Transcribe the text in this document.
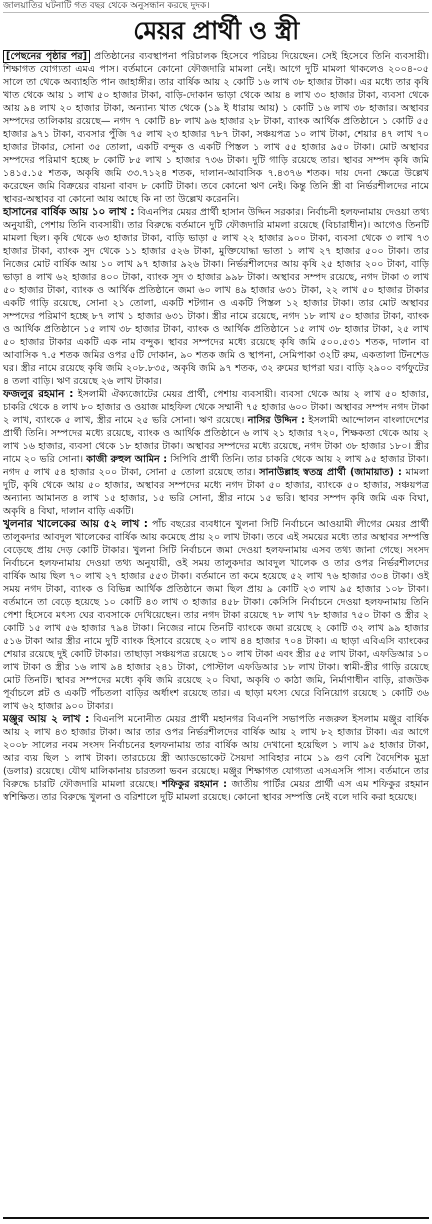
জালয়াতির ঘটনাটি গত বছর থেকে অনুসন্ধান করছে দুদক।
মেয়র প্রার্থী ও স্ত্রী

[পেছনের পৃষ্ঠার পর] প্রতিষ্ঠানের ব্যবস্থাপনা পরিচালক হিসেবে পরিচয় দিয়েছেন। সেই হিসেবে তিনি ব্যবসায়ী। শিক্ষাগত যোগ্যতা এমএ পাস। বর্তমানে কোনো ফৌজদারি মামলা নেই। আগে দুটি মামলা থাকলেও ২০০৪-০৫ সালে তা থেকে অব্যাহতি পান জাহাঙ্গীর। তার বার্ষিক আয় ২ কোটি ১৬ লাখ ৩৮ হাজার টাকা। এর মধ্যে তার কৃষি খাত থেকে আয় ১ লাখ ৫০ হাজার টাকা, বাড়ি-দোকান ভাড়া থেকে আয় ৪ লাখ ৩০ হাজার টাকা, ব্যবসা থেকে আয় ৯৪ লাখ ২০ হাজার টাকা, অন্যান্য খাত থেকে (১৯ ই ধারায় আয়) ১ কোটি ১৬ লাখ ৩৮ হাজার। অস্থাবর সম্পদের তালিকায় রয়েছে— নগদ ৭ কোটি ৪৮ লাখ ৯৬ হাজার ২৮ টাকা, ব্যাংক আর্থিক প্রতিষ্ঠানে ১ কোটি ৫৫ হাজার ৯৭১ টাকা, ব্যবসার পুঁজি ৭৫ লাখ ২৩ হাজার ৭৮৭ টাকা, সঞ্চয়পত্র ১০ লাখ টাকা, শেয়ার ৪৭ লাখ ৭০ হাজার টাকার, সোনা ৩৫ তোলা, একটি বন্দুক ও একটি পিস্তল ১ লাখ ৫৫ হাজার ৯৫০ টাকা। মোট অস্থাবর সম্পদের পরিমাণ হচ্ছে ৮ কোটি ৮৫ লাখ ১ হাজার ৭৩৬ টাকা। দুটি গাড়ি রয়েছে তার। স্থাবর সম্পদ কৃষি জমি ১৪১৫.১৫ শতক, অকৃষি জমি ৩৩.৭১২৪ শতক, দালান-আবাসিক ৭.৪৩৭৬ শতক। দায় দেনা ক্ষেত্রে উল্লেখ করেছেন জমি বিক্রয়ের বায়না বাবদ ৮ কোটি টাকা। তবে কোনো ঋণ নেই। কিন্তু তিনি স্ত্রী বা নির্ভরশীলদের নামে স্থাবর-অস্থাবর বা কোনো আয় আছে কি না তা উল্লেখ করেননি।

হাসানের বার্ষিক আয় ১০ লাখ : বিএনপির মেয়র প্রার্থী হাসান উদ্দিন সরকার। নির্বাচনী হলফনামায় দেওয়া তথ্য অনুযায়ী, পেশায় তিনি ব্যবসায়ী। তার বিরুদ্ধে বর্তমানে দুটি ফৌজদারি মামলা রয়েছে (বিচারাধীন)। আগেও তিনটি মামলা ছিল। কৃষি থেকে ৬৩ হাজার টাকা, বাড়ি ভাড়া ৫ লাখ ২২ হাজার ৯০০ টাকা, ব্যবসা থেকে ৩ লাখ ৭৩ হাজার টাকা, ব্যাংক সুদ থেকে ১১ হাজার ৫২৬ টাকা, মুক্তিযোদ্ধা ভাতা ১ লাখ ২৭ হাজার ৫০০ টাকা। তার নিজের মোট বার্ষিক আয় ১০ লাখ ৯৭ হাজার ৯২৬ টাকা। নির্ভরশীলদের আয় কৃষি ২৫ হাজার ২০০ টাকা, বাড়ি ভাড়া ৪ লাখ ৬২ হাজার ৪০০ টাকা, ব্যাংক সুদ ৩ হাজার ৯৯৮ টাকা। অস্থাবর সম্পদ রয়েছে, নগদ টাকা ৩ লাখ ৫০ হাজার টাকা, ব্যাংক ও আর্থিক প্রতিষ্ঠানে জমা ৬০ লাখ ৪৯ হাজার ৬৩১ টাকা, ২২ লাখ ৫০ হাজার টাকার একটি গাড়ি রয়েছে, সোনা ২১ তোলা, একটি শটগান ও একটি পিস্তল ১২ হাজার টাকা। তার মোট অস্থাবর সম্পদের পরিমাণ হচ্ছে ৮৭ লাখ ১ হাজার ৬৩১ টাকা। স্ত্রীর নামে রয়েছে, নগদ ১৮ লাখ ৫০ হাজার টাকা, ব্যাংক ও আর্থিক প্রতিষ্ঠানে ১৫ লাখ ৩৮ হাজার টাকা, ব্যাংক ও আর্থিক প্রতিষ্ঠানে ১৫ লাখ ৩৮ হাজার টাকা, ২৫ লাখ ৫০ হাজার টাকার একটি এক নাম বন্দুক। স্থাবর সম্পদের মধ্যে রয়েছে কৃষি জমি ৫০০.৫৩১ শতক, দালান বা আবাসিক ৭.৫ শতক জমির ওপর ৫টি দোকান, ৯০ শতক জমি ও স্থাপনা, সেমিপাকা ৩২টি রুম, একতালা টিনশেড ঘর। স্ত্রীর নামে রয়েছে কৃষি জমি ২০৮.৮৩৫, অকৃষি জমি ৯৭ শতক, ৩২ রুমের ছাপরা ঘর। বাড়ি ২৯০০ বর্গফুটের ৪ তলা বাড়ি। ঋণ রয়েছে ২৬ লাখ টাকার।

ফজলুর রহমান : ইসলামী ঐক্যজোটের মেয়র প্রার্থী, পেশায় ব্যবসায়ী। ব্যবসা থেকে আয় ২ লাখ ৫০ হাজার, চাকরি থেকে ৪ লাখ ৮০ হাজার ও ওয়াজ মাহফিল থেকে সম্মানী ৭৫ হাজার ৬০০ টাকা। অস্থাবর সম্পদ নগদ টাকা ২ লাখ, ব্যাংকে ৫ লাখ, স্ত্রীর নামে ২৫ ভরি সোনা। ঋণ রয়েছে। নাসির উদ্দিন : ইসলামী আন্দোলন বাংলাদেশের প্রার্থী তিনি। সম্পদের মধ্যে রয়েছে, ব্যাংক ও আর্থিক প্রতিষ্ঠানে ৬ লাখ ২১ হাজার ৭২০, শিক্ষকতা থেকে আয় ২ লাখ ১৬ হাজার, ব্যবসা থেকে ১৮ হাজার টাকা। অস্থাবর সম্পদের মধ্যে রয়েছে, নগদ টাকা ৩৮ হাজার ১৮০। স্ত্রীর নামে ২০ ভরি সোনা। কাজী রুহুল আমিন : সিপিবি প্রার্থী তিনি। তার চাকরি থেকে আয় ২ লাখ ৯৫ হাজার টাকা। নগদ ৫ লাখ ৫৪ হাজার ২০০ টাকা, সোনা ৫ তোলা রয়েছে তার। সানাউল্লাহ স্বতন্ত্র প্রার্থী (জামায়াত) : মামলা দুটি, কৃষি থেকে আয় ৫০ হাজার, অস্থাবর সম্পদের মধ্যে নগদ টাকা ৫০ হাজার, ব্যাংকে ৫০ হাজার, সঞ্চয়পত্র অন্যান্য আমানত ৪ লাখ ১৫ হাজার, ১৫ ভরি সোনা, স্ত্রীর নামে ১৫ ভরি। স্থাবর সম্পদ কৃষি জমি এক বিঘা, অকৃষি ৪ বিঘা, দালান বাড়ি একটি।

খুলনার খালেকের আয় ৫২ লাখ : পাঁচ বছরের ব্যবধানে খুলনা সিটি নির্বাচনে আওয়ামী লীগের মেয়র প্রার্থী তালুকদার আবদুল খালেকের বার্ষিক আয় কমেছে প্রায় ২০ লাখ টাকা। তবে এই সময়ের মধ্যে তার অস্থাবর সম্পত্তি বেড়েছে প্রায় দেড় কোটি টাকার। খুলনা সিটি নির্বাচনে জমা দেওয়া হলফনামায় এসব তথ্য জানা গেছে। সংসদ নির্বাচনে হলফনামায় দেওয়া তথ্য অনুযায়ী, ওই সময় তালুকদার আবদুল খালেক ও তার ওপর নির্ভরশীলদের বার্ষিক আয় ছিল ৭০ লাখ ২৭ হাজার ৫৫৩ টাকা। বর্তমানে তা কমে হয়েছে ৫২ লাখ ৭৬ হাজার ৩০৪ টাকা। ওই সময় নগদ টাকা, ব্যাংক ও বিভিন্ন আর্থিক প্রতিষ্ঠানে জমা ছিল প্রায় ৯ কোটি ২৩ লাখ ৯৫ হাজার ১০৮ টাকা। বর্তমানে তা বেড়ে হয়েছে ১০ কোটি ৪৩ লাখ ৩ হাজার ৪৫৮ টাকা। কেসিসি নির্বাচনে দেওয়া হলফনামায় তিনি পেশা হিসেবে মৎস্য ঘের ব্যবসাকে দেখিয়েছেন। তার নগদ টাকা রয়েছে ৭৮ লাখ ৭৮ হাজার ৭৫০ টাকা ও স্ত্রীর ২ কোটি ১৫ লাখ ৫৬ হাজার ৭৯৪ টাকা। নিজের নামে তিনটি ব্যাংকে জমা রয়েছে ২ কোটি ৩২ লাখ ৯৯ হাজার ৫১৬ টাকা আর স্ত্রীর নামে দুটি ব্যাংক হিসাবে রয়েছে ২০ লাখ ৪৪ হাজার ৭০৪ টাকা। এ ছাড়া এবিএসি ব্যাংকের শেয়ার রয়েছে দুই কোটি টাকার। তাছাড়া সঞ্চয়পত্র রয়েছে ১০ লাখ টাকা এবং স্ত্রীর ৫৫ লাখ টাকা, এফডিআর ১০ লাখ টাকা ও স্ত্রীর ১৬ লাখ ৯৪ হাজার ২৪১ টাকা, পোস্টাল এফডিআর ১৮ লাখ টাকা। স্বামী-স্ত্রীর গাড়ি রয়েছে মোট তিনটি। স্থাবর সম্পদের মধ্যে কৃষি জমি রয়েছে ২০ বিঘা, অকৃষি ৩ কাঠা জমি, নির্মাণাধীন বাড়ি, রাজউক পূর্বাচলে প্লট ও একটি পাঁচতলা বাড়ির অর্ধাংশ রয়েছে তার। এ ছাড়া মৎস্য ঘেরে বিনিয়োগ রয়েছে ১ কোটি ৩৬ লাখ ৬২ হাজার ৯০০ টাকার।

মঞ্জুর আয় ২ লাখ : বিএনপি মনোনীত মেয়র প্রার্থী মহানগর বিএনপি সভাপতি নজরুল ইসলাম মঞ্জুর বার্ষিক আয় ২ লাখ ৪৩ হাজার টাকা। আর তার ওপর নির্ভরশীলদের বার্ষিক আয় ২ লাখ ৮২ হাজার টাকা। এর আগে ২০০৮ সালের নবম সংসদ নির্বাচনের হলফনামায় তার বার্ষিক আয় দেখানো হয়েছিল ১ লাখ ৯৫ হাজার টাকা, আর ব্যয় ছিল ১ লাখ টাকা। তারচেয়ে স্ত্রী অ্যাডভোকেট সৈয়দা সাবিহার নামে ১৯ গুণ বেশি বৈদেশিক মুদ্রা (ডলার) রয়েছে। যৌথ মালিকানায় চারতলা ভবন রয়েছে। মঞ্জুর শিক্ষাগত যোগ্যতা এসএসসি পাস। বর্তমানে তার বিরুদ্ধে চারটি ফৌজদারি মামলা রয়েছে। শফিকুর রহমান : জাতীয় পার্টির মেয়র প্রার্থী এস এম শফিকুর রহমান স্বশিক্ষিত। তার বিরুদ্ধে খুলনা ও বরিশালে দুটি মামলা রয়েছে। কোনো স্থাবর সম্পত্তি নেই বলে দাবি করা হয়েছে।
